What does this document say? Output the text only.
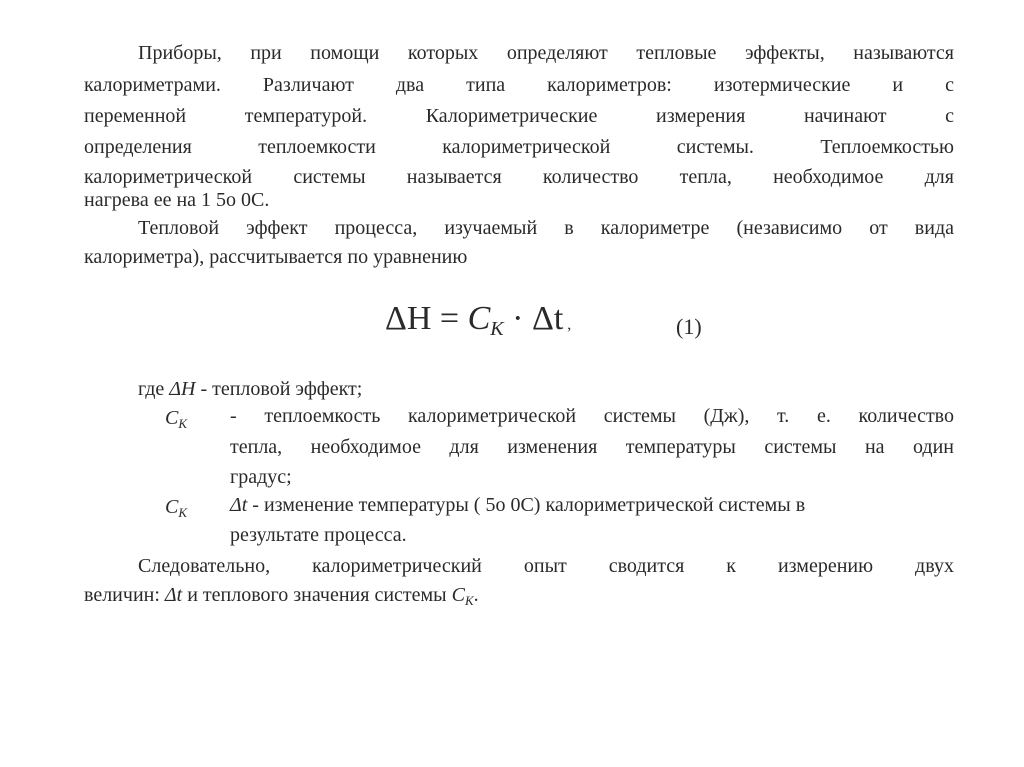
Приборы, при помощи которых определяют тепловые эффекты, называются
калориметрами. Различают два типа калориметров: изотермические и с
переменной температурой. Калориметрические измерения начинают с
определения теплоемкости калориметрической системы. Теплоемкостью
калориметрической системы называется количество тепла, необходимое для
нагрева ее на 1 5o 0C.
Тепловой эффект процесса, изучаемый в калориметре (независимо от вида
калориметра), рассчитывается по уравнению
$\Delta H = C_K \cdot \Delta t$ ,	(1)
где ΔH - тепловой эффект;
$C_K$ - теплоемкость калориметрической системы (Дж), т. е. количество
тепла, необходимое для изменения температуры системы на один
градус;
$C_K$ Δt - изменение температуры ( 5o 0C) калориметрической системы в
результате процесса.
Следовательно, калориметрический опыт сводится к измерению двух
величин: Δt и теплового значения системы $C_K$.
